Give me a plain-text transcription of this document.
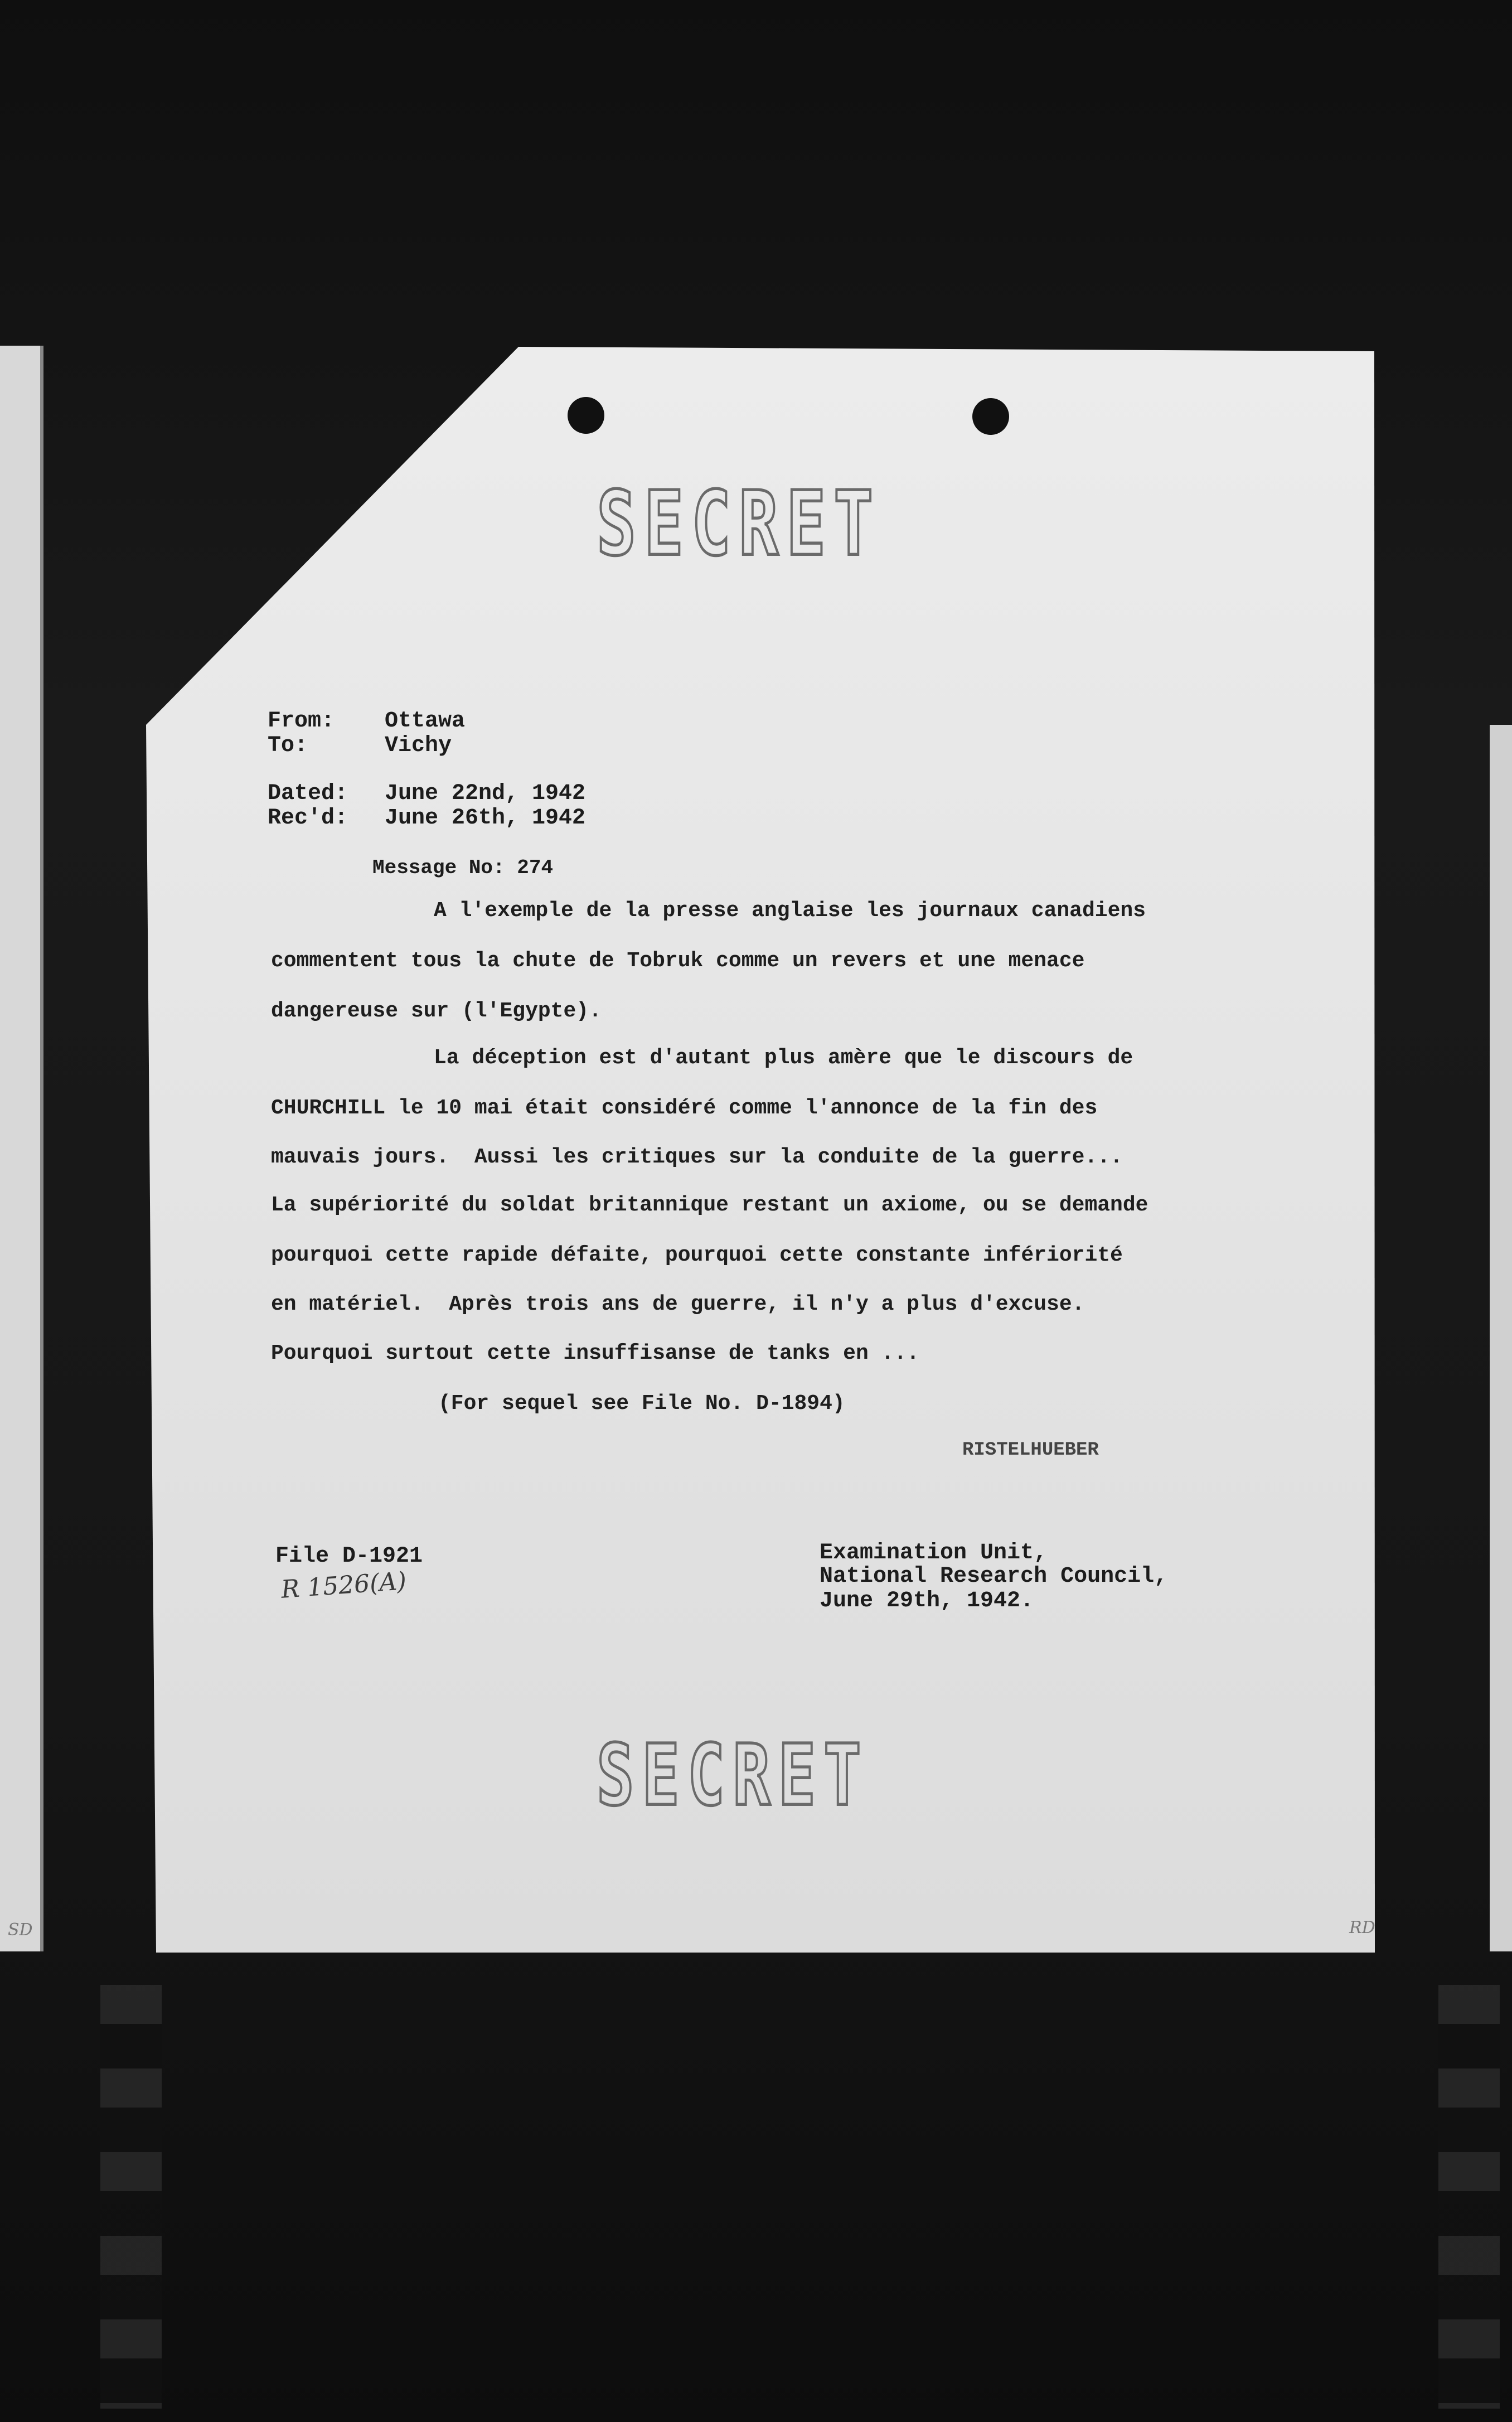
SECRET
SECRET
From: Ottawa
To:	Vichy
Dated: June 22nd, 1942
Rec'd: June 26th, 1942
Message No: 274
A l'exemple de la presse anglaise les journaux canadiens
commentent tous la chute de Tobruk comme un revers et une menace
dangereuse sur (l'Egypte).
La déception est d'autant plus amère que le discours de
CHURCHILL le 10 mai était considéré comme l'annonce de la fin des
mauvais jours.  Aussi les critiques sur la conduite de la guerre...
La supériorité du soldat britannique restant un axiome, ou se demande
pourquoi cette rapide défaite, pourquoi cette constante infériorité
en matériel.  Après trois ans de guerre, il n'y a plus d'excuse.
Pourquoi surtout cette insuffisanse de tanks en ...
(For sequel see File No. D-1894)
RISTELHUEBER
File D-1921
R 1526(A)
Examination Unit,
National Research Council,
June 29th, 1942.
SD	RD
